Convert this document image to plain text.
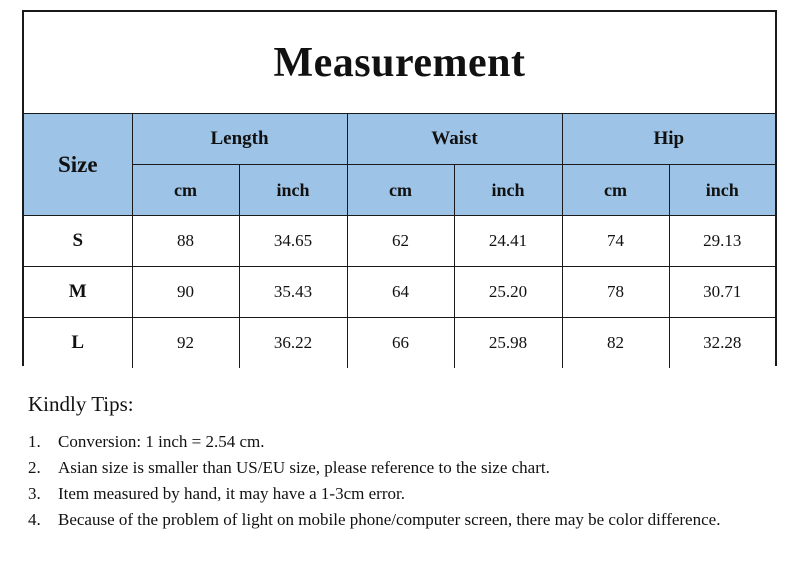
Measurement
Size	Length		Waist		Hip	
	cm	inch	cm	inch	cm	inch
S	88	34.65	62	24.41	74	29.13
M	90	35.43	64	25.20	78	30.71
L	92	36.22	66	25.98	82	32.28
Kindly Tips:
1.	Conversion: 1 inch = 2.54 cm.
2.	Asian size is smaller than US/EU size, please reference to the size chart.
3.	Item measured by hand, it may have a 1-3cm error.
4.	Because of the problem of light on mobile phone/computer screen, there may be color difference.
